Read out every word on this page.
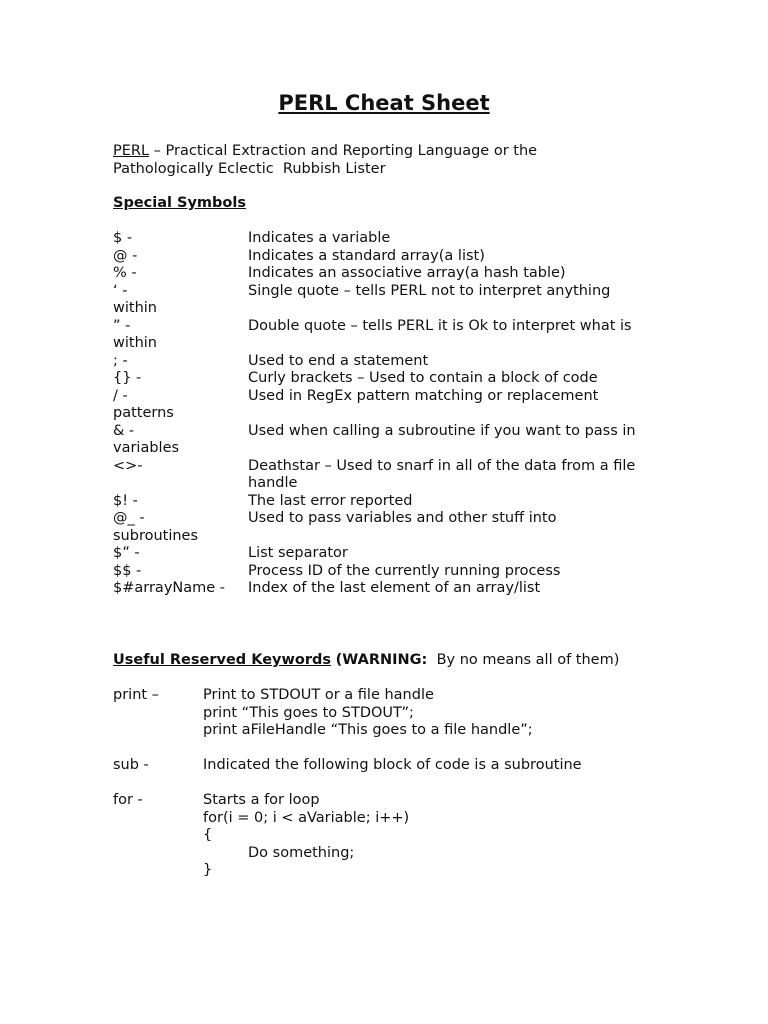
PERL Cheat Sheet
PERL – Practical Extraction and Reporting Language or the
Pathologically Eclectic  Rubbish Lister
Special Symbols
$ -	Indicates a variable
@ -	Indicates a standard array(a list)
% -	Indicates an associative array(a hash table)
‘ -	Single quote – tells PERL not to interpret anything
within
” -	Double quote – tells PERL it is Ok to interpret what is
within
; -	Used to end a statement
{} -	Curly brackets – Used to contain a block of code
/ -	Used in RegEx pattern matching or replacement
patterns
& -	Used when calling a subroutine if you want to pass in
variables
<>-	Deathstar – Used to snarf in all of the data from a file
handle
$! -	The last error reported
@_ -	Used to pass variables and other stuff into
subroutines
$” -	List separator
$$ -	Process ID of the currently running process
$#arrayName - Index of the last element of an array/list
Useful Reserved Keywords (WARNING:  By no means all of them)
print –	Print to STDOUT or a file handle
print “This goes to STDOUT”;
print aFileHandle “This goes to a file handle”;
sub -	Indicated the following block of code is a subroutine
for -	Starts a for loop
for(i = 0; i < aVariable; i++)
{
Do something;
}
